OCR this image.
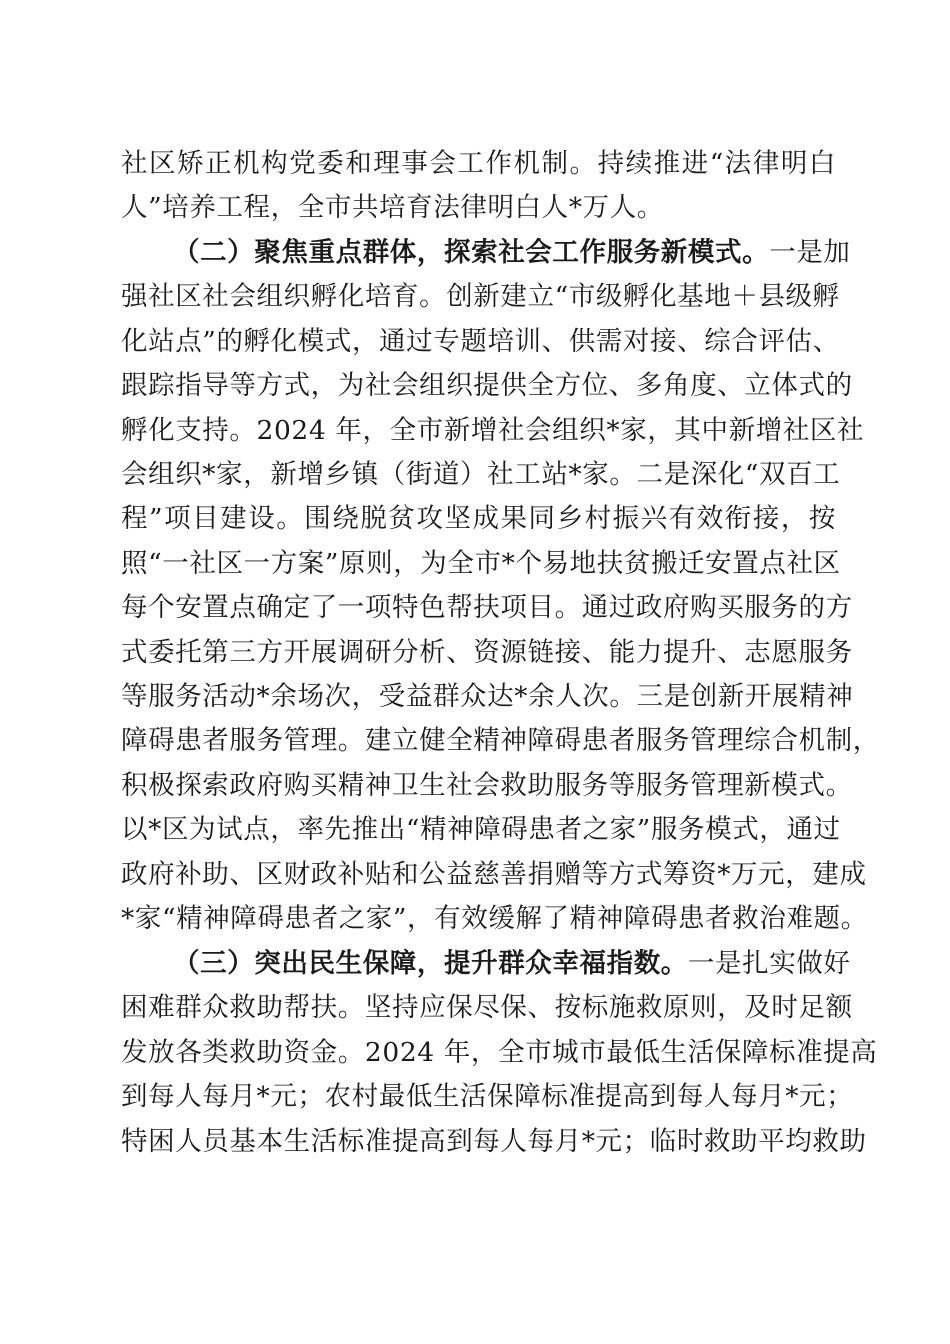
社区矫正机构党委和理事会工作机制。持续推进“法律明白
人”培养工程，全市共培育法律明白人*万人。
（二）聚焦重点群体，探索社会工作服务新模式。一是加
强社区社会组织孵化培育。创新建立“市级孵化基地＋县级孵
化站点”的孵化模式，通过专题培训、供需对接、综合评估、
跟踪指导等方式，为社会组织提供全方位、多角度、立体式的
孵化支持。2024 年，全市新增社会组织*家，其中新增社区社
会组织*家，新增乡镇（街道）社工站*家。二是深化“双百工
程”项目建设。围绕脱贫攻坚成果同乡村振兴有效衔接，按
照“一社区一方案”原则，为全市*个易地扶贫搬迁安置点社区
每个安置点确定了一项特色帮扶项目。通过政府购买服务的方
式委托第三方开展调研分析、资源链接、能力提升、志愿服务
等服务活动*余场次，受益群众达*余人次。三是创新开展精神
障碍患者服务管理。建立健全精神障碍患者服务管理综合机制，
积极探索政府购买精神卫生社会救助服务等服务管理新模式。
以*区为试点，率先推出“精神障碍患者之家”服务模式，通过
政府补助、区财政补贴和公益慈善捐赠等方式筹资*万元，建成
*家“精神障碍患者之家”，有效缓解了精神障碍患者救治难题。
（三）突出民生保障，提升群众幸福指数。一是扎实做好
困难群众救助帮扶。坚持应保尽保、按标施救原则，及时足额
发放各类救助资金。2024 年，全市城市最低生活保障标准提高
到每人每月*元；农村最低生活保障标准提高到每人每月*元；
特困人员基本生活标准提高到每人每月*元；临时救助平均救助
